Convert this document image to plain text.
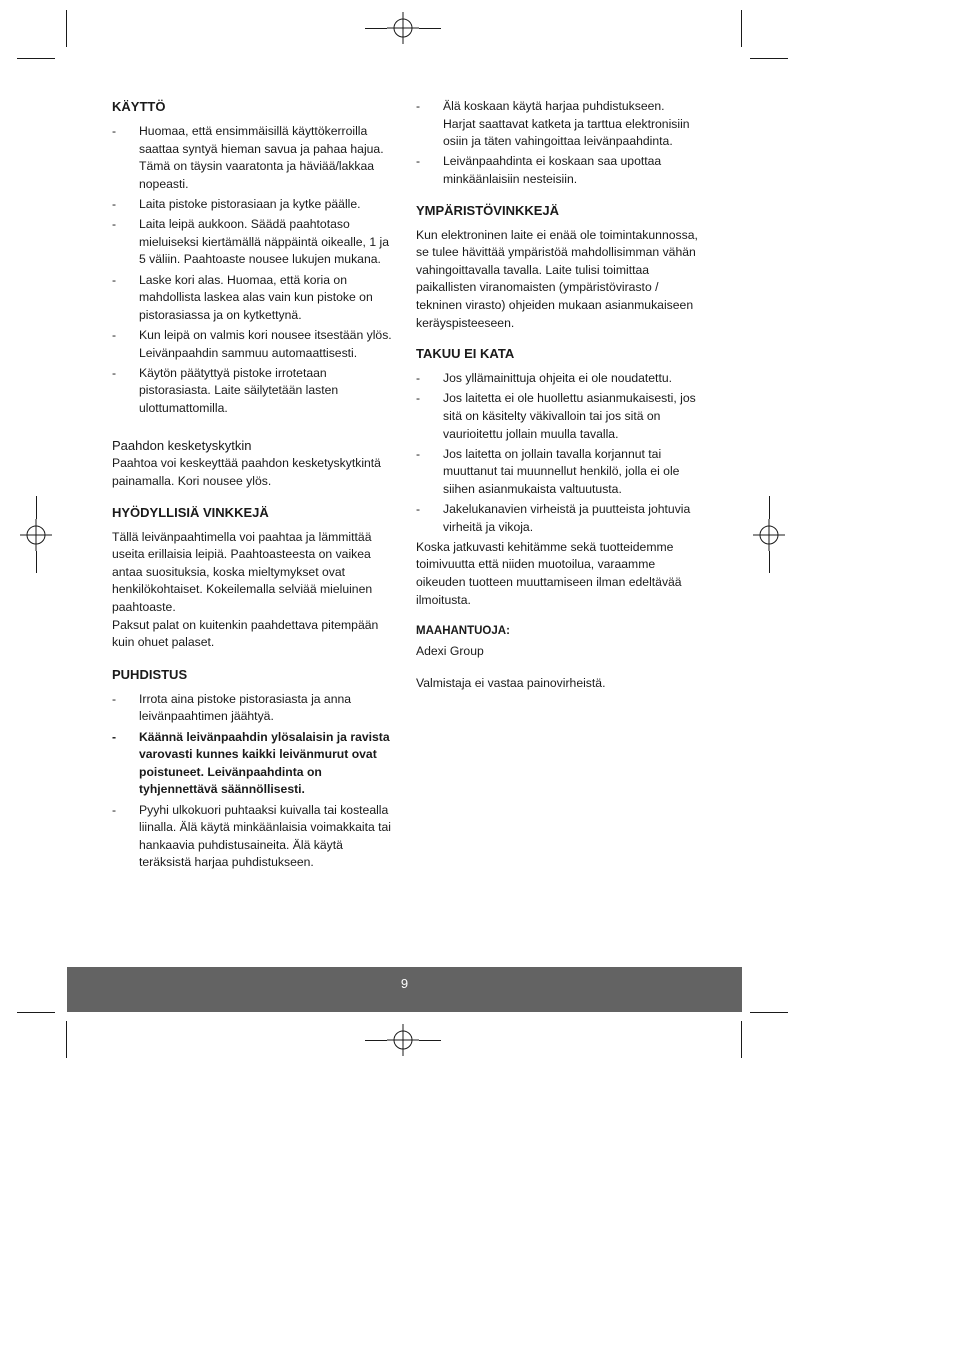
KÄYTTÖ
- Huomaa, että ensimmäisillä käyttökerroilla saattaa syntyä hieman savua ja pahaa hajua. Tämä on täysin vaaratonta ja häviää/lakkaa nopeasti.
- Laita pistoke pistorasiaan ja kytke päälle.
- Laita leipä aukkoon. Säädä paahtotaso mieluiseksi kiertämällä näppäintä oikealle, 1 ja 5 väliin. Paahtoaste nousee lukujen mukana.
- Laske kori alas. Huomaa, että koria on mahdollista laskea alas vain kun pistoke on pistorasiassa ja on kytkettynä.
- Kun leipä on valmis kori nousee itsestään ylös. Leivänpaahdin sammuu automaattisesti.
- Käytön päätyttyä pistoke irrotetaan pistorasiasta. Laite säilytetään lasten ulottumattomilla.
Paahdon kesketyskytkin

Paahtoa voi keskeyttää paahdon kesketyskytkintä painamalla. Kori nousee ylös.

HYÖDYLLISIÄ VINKKEJÄ

Tällä leivänpaahtimella voi paahtaa ja lämmittää useita erillaisia leipiä. Paahtoasteesta on vaikea antaa suosituksia, koska mieltymykset ovat henkilökohtaiset. Kokeilemalla selviää mieluinen paahtoaste.

Paksut palat on kuitenkin paahdettava pitempään kuin ohuet palaset.

PUHDISTUS
- Irrota aina pistoke pistorasiasta ja anna leivänpaahtimen jäähtyä.
- Käännä leivänpaahdin ylösalaisin ja ravista varovasti kunnes kaikki leivänmurut ovat poistuneet. Leivänpaahdinta on tyhjennettävä säännöllisesti.
- Pyyhi ulkokuori puhtaaksi kuivalla tai kostealla liinalla. Älä käytä minkäänlaisia voimakkaita tai hankaavia puhdistusaineita. Älä käytä teräksistä harjaa puhdistukseen.
- Älä koskaan käytä harjaa puhdistukseen. Harjat saattavat katketa ja tarttua elektronisiin osiin ja täten vahingoittaa leivänpaahdinta.
- Leivänpaahdinta ei koskaan saa upottaa minkäänlaisiin nesteisiin.
YMPÄRISTÖVINKKEJÄ

Kun elektroninen laite ei enää ole toimintakunnossa, se tulee hävittää ympäristöä mahdollisimman vähän vahingoittavalla tavalla. Laite tulisi toimittaa paikallisten viranomaisten (ympäristövirasto / tekninen virasto) ohjeiden mukaan asianmukaiseen keräyspisteeseen.

TAKUU EI KATA
- Jos yllämainittuja ohjeita ei ole noudatettu.
- Jos laitetta ei ole huollettu asianmukaisesti, jos sitä on käsitelty väkivalloin tai jos sitä on vaurioitettu jollain muulla tavalla.
- Jos laitetta on jollain tavalla korjannut tai muuttanut tai muunnellut henkilö, jolla ei ole siihen asianmukaista valtuutusta.
- Jakelukanavien virheistä ja puutteista johtuvia virheitä ja vikoja.

Koska jatkuvasti kehitämme sekä tuotteidemme toimivuutta että niiden muotoilua, varaamme oikeuden tuotteen muuttamiseen ilman edeltävää ilmoitusta.

MAAHANTUOJA:

Adexi Group

Valmistaja ei vastaa painovirheistä.

9
